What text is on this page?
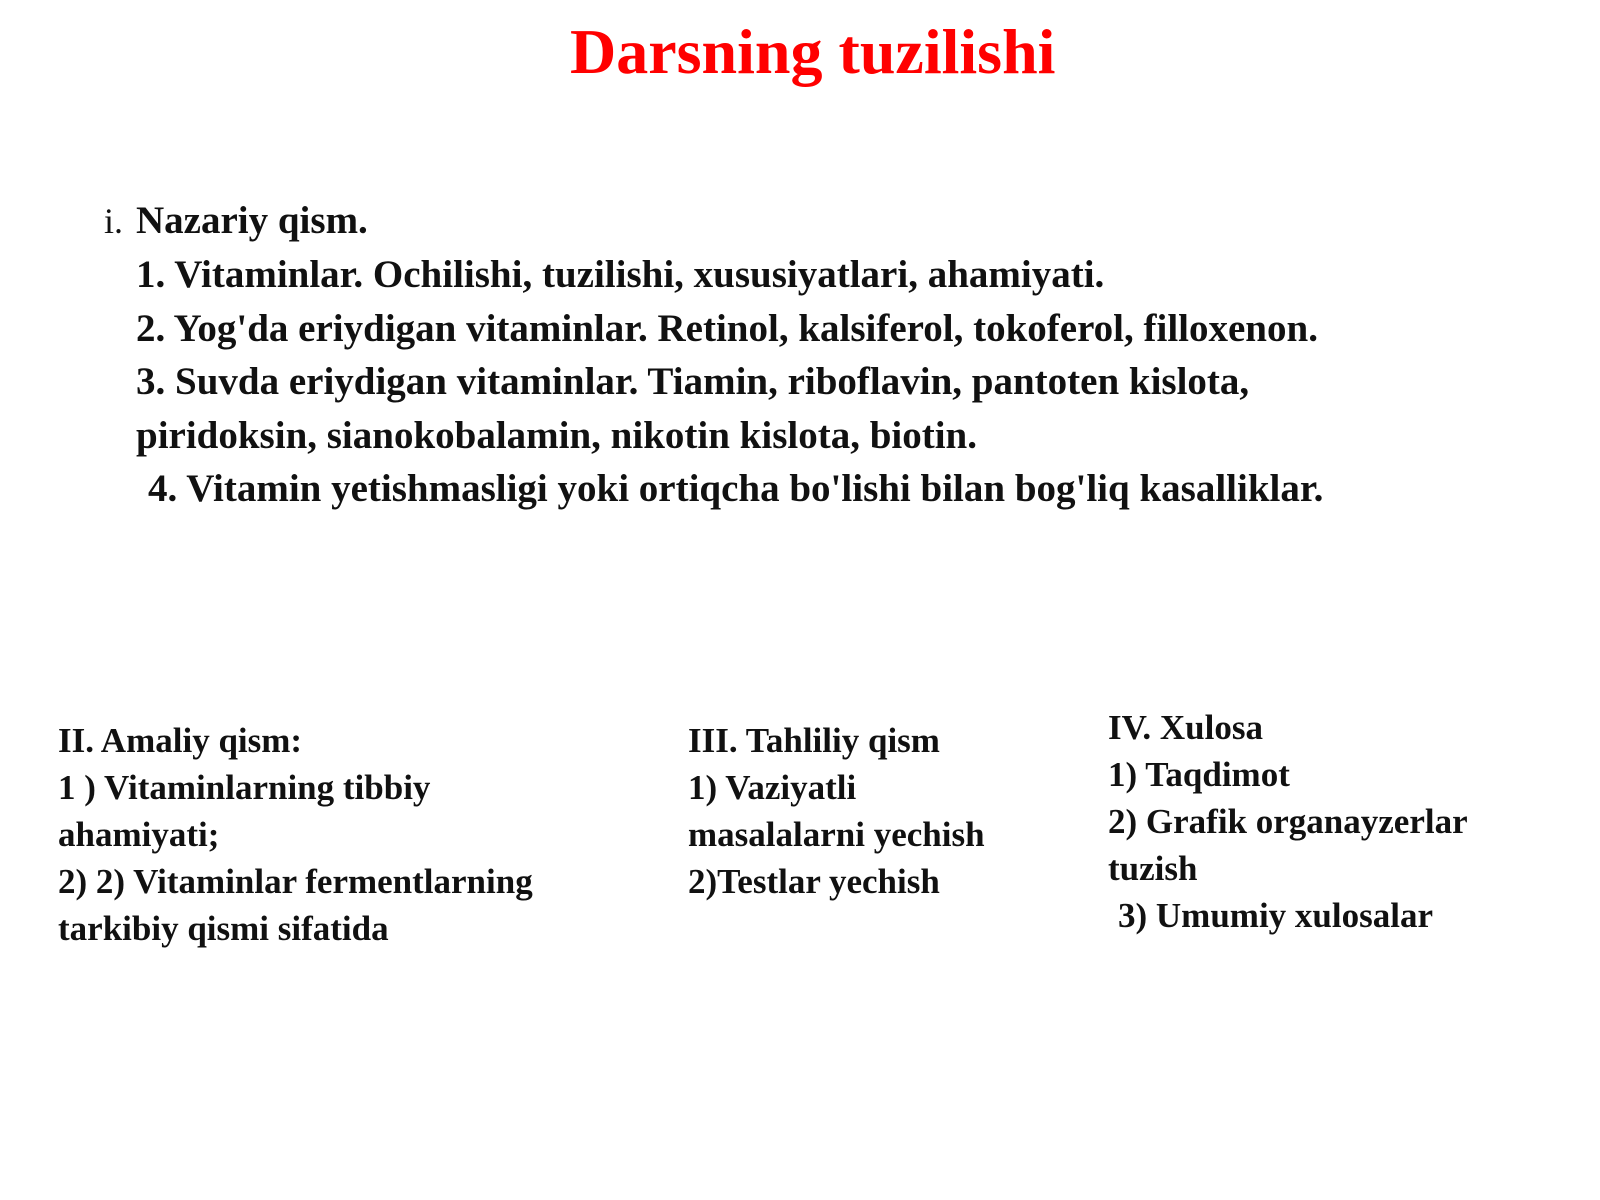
Darsning tuzilishi
i. Nazariy qism.
1. Vitaminlar. Ochilishi, tuzilishi, xususiyatlari, ahamiyati.
2. Yog'da eriydigan vitaminlar. Retinol, kalsiferol, tokoferol, filloxenon.
3. Suvda eriydigan vitaminlar. Tiamin, riboflavin, pantoten kislota,
piridoksin, sianokobalamin, nikotin kislota, biotin.
4. Vitamin yetishmasligi yoki ortiqcha bo'lishi bilan bog'liq kasalliklar.
II. Amaliy qism:
1 ) Vitaminlarning tibbiy
ahamiyati;
2) 2) Vitaminlar fermentlarning
tarkibiy qismi sifatida
III. Tahliliy qism
1) Vaziyatli
masalalarni yechish
2)Testlar yechish
IV. Xulosa
1) Taqdimot
2) Grafik organayzerlar
tuzish
3) Umumiy xulosalar
